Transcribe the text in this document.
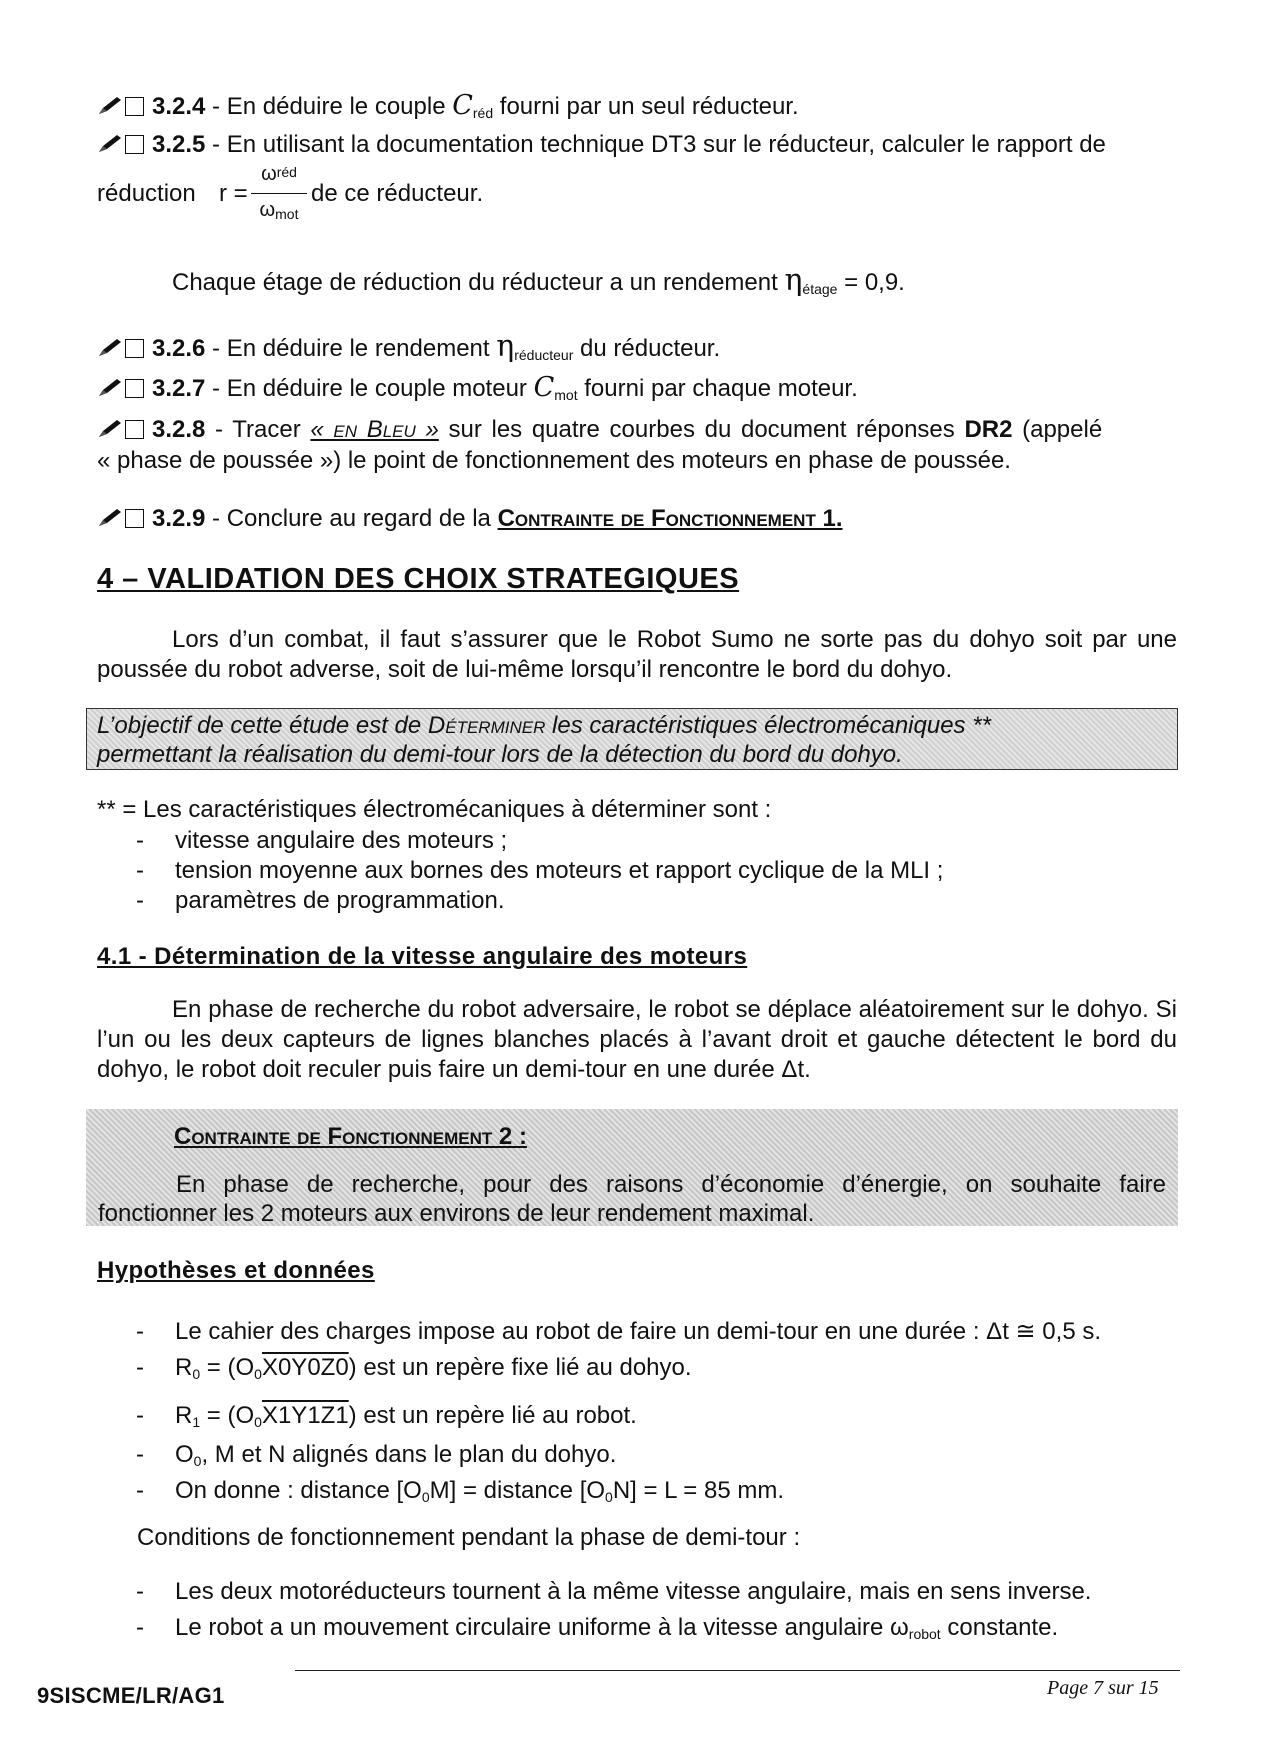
3.2.4 - En déduire le couple $C_{réd}$ fourni par un seul réducteur.
3.2.5 - En utilisant la documentation technique DT3 sur le réducteur, calculer le rapport de
réduction r =
ωréd
ωmot
de ce réducteur.
Chaque étage de réduction du réducteur a un rendement $\eta_{étage} = 0,9$.
3.2.6 - En déduire le rendement $\eta_{réducteur}$ du réducteur.
3.2.7 - En déduire le couple moteur $C_{mot}$ fourni par chaque moteur.
3.2.8 - Tracer « en Bleu » sur les quatre courbes du document réponses DR2 (appelé
« phase de poussée ») le point de fonctionnement des moteurs en phase de poussée.
3.2.9 - Conclure au regard de la Contrainte de Fonctionnement 1.
4 – VALIDATION DES CHOIX STRATEGIQUES
Lors d’un combat, il faut s’assurer que le Robot Sumo ne sorte pas du dohyo soit par une poussée du robot adverse, soit de lui-même lorsqu’il rencontre le bord du dohyo.
L’objectif de cette étude est de Déterminer les caractéristiques électromécaniques **
permettant la réalisation du demi-tour lors de la détection du bord du dohyo.
** = Les caractéristiques électromécaniques à déterminer sont :
- vitesse angulaire des moteurs ;
- tension moyenne aux bornes des moteurs et rapport cyclique de la MLI ;
- paramètres de programmation.
4.1 - Détermination de la vitesse angulaire des moteurs
En phase de recherche du robot adversaire, le robot se déplace aléatoirement sur le dohyo. Si l’un ou les deux capteurs de lignes blanches placés à l’avant droit et gauche détectent le bord du dohyo, le robot doit reculer puis faire un demi-tour en une durée Δt.
Contrainte de Fonctionnement 2 :
En phase de recherche, pour des raisons d’économie d’énergie, on souhaite faire
fonctionner les 2 moteurs aux environs de leur rendement maximal.
Hypothèses et données
- Le cahier des charges impose au robot de faire un demi-tour en une durée : Δt ≅ 0,5 s.
- $R_0 = (O_0X0Y0Z0)$ est un repère fixe lié au dohyo.
- $R_1 = (O_0X1Y1Z1)$ est un repère lié au robot.
- $O_0$, M et N alignés dans le plan du dohyo.
- On donne : distance $[O_0M]$ = distance $[O_0N] = L = 85$ mm.
Conditions de fonctionnement pendant la phase de demi-tour :
- Les deux motoréducteurs tournent à la même vitesse angulaire, mais en sens inverse.
- Le robot a un mouvement circulaire uniforme à la vitesse angulaire $\omega_{robot}$ constante.
9SISCME/LR/AG1	Page 7 sur 15
